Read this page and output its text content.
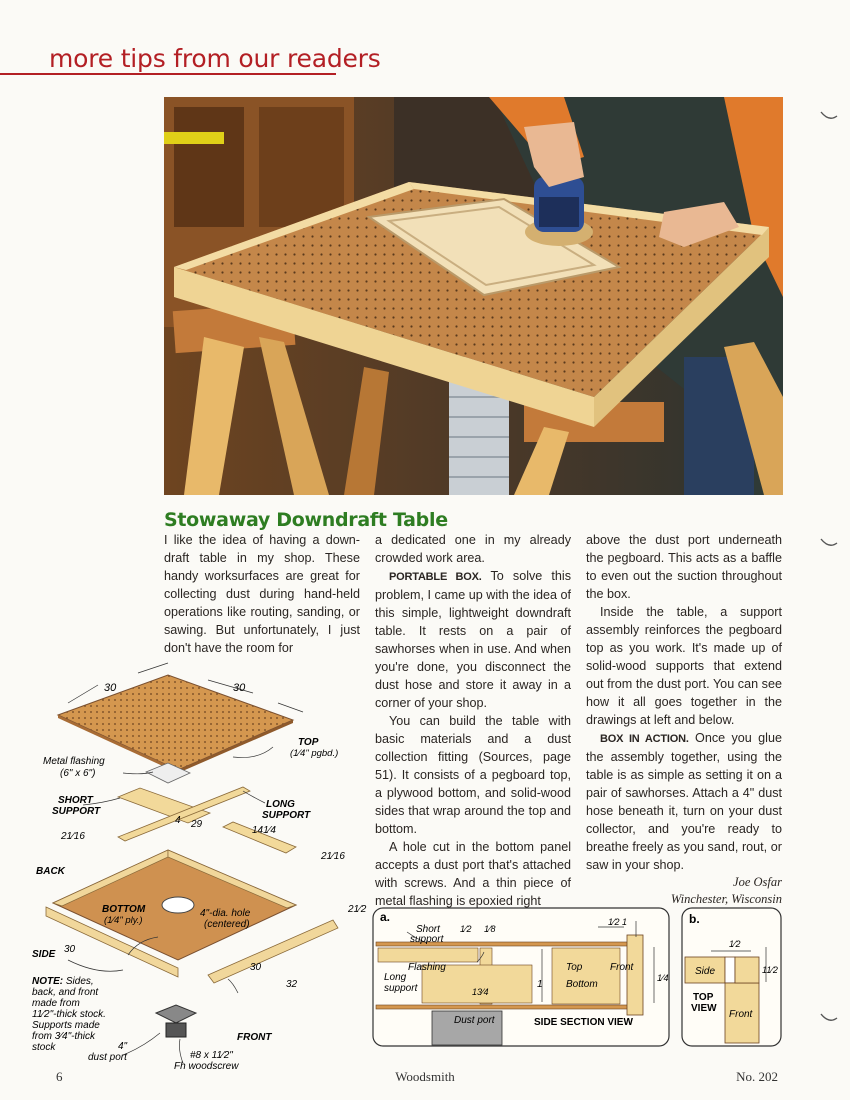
more tips from our readers
Stowaway Downdraft Table

I like the idea of having a down-draft table in my shop. These handy worksurfaces are great for collecting dust during hand-held operations like routing, sanding, or sawing. But unfortunately, I just don't have the room for

a dedicated one in my already crowded work area.

PORTABLE BOX. To solve this problem, I came up with the idea of this simple, lightweight downdraft table. It rests on a pair of sawhorses when in use. And when you're done, you disconnect the dust hose and store it away in a corner of your shop.

You can build the table with basic materials and a dust collection fitting (Sources, page 51). It consists of a pegboard top, a plywood bottom, and solid-wood sides that wrap around the top and bottom.

A hole cut in the bottom panel accepts a dust port that's attached with screws. And a thin piece of metal flashing is epoxied right

above the dust port underneath the pegboard. This acts as a baffle to even out the suction throughout the box.

Inside the table, a support assembly reinforces the pegboard top as you work. It's made up of solid-wood supports that extend out from the dust port. You can see how it all goes together in the drawings at left and below.

BOX IN ACTION. Once you glue the assembly together, using the table is as simple as setting it on a pair of sawhorses. Attach a 4" dust hose beneath it, turn on your dust collector, and you're ready to breathe freely as you sand, rout, or saw in your shop.

Joe Osfar
Winchester, Wisconsin
30	30
TOP
(1⁄4" pgbd.)
Metal flashing
(6" x 6")
SHORT
SUPPORT
LONG
SUPPORT
4 29
141⁄4
21⁄16
21⁄16
BACK
BOTTOM
(1⁄4" ply.)
4"-dia. hole
(centered)
21⁄2
SIDE 30
30
32
FRONT
NOTE: Sides,
back, and front
made from
11⁄2"-thick stock.
Supports made
from 3⁄4"-thick
stock	4"
dust port	#8 x 11⁄2"
Fh woodscrew
a.
Short
support
1⁄2 1⁄8
1⁄2 1
Flashing	Top	Front
Long
support	13⁄4
1 Bottom
1⁄4
Dust port	SIDE SECTION VIEW
b.
1⁄2
Side	11⁄2
TOP
VIEW
Front
6	Woodsmith	No. 202
